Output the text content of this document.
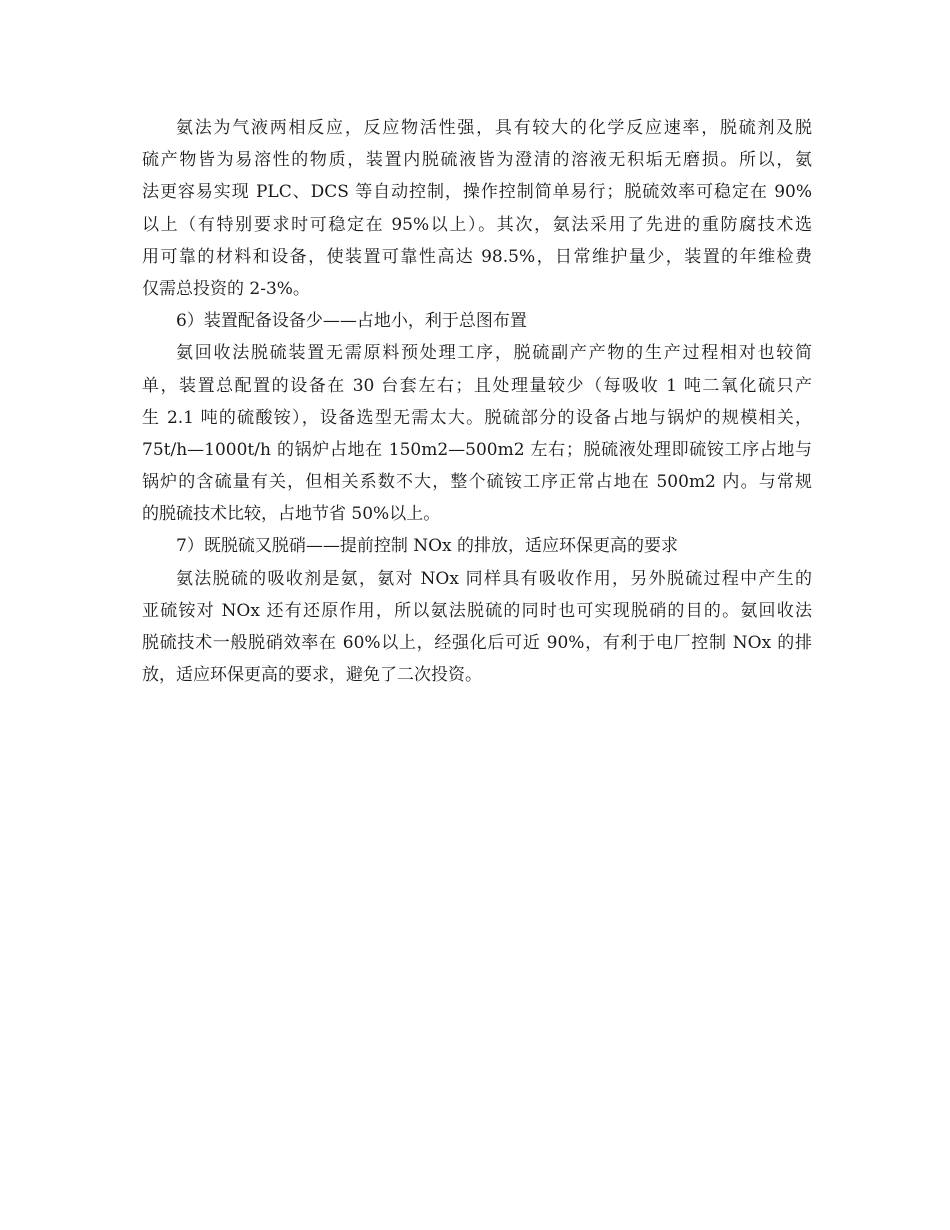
氨法为气液两相反应，反应物活性强，具有较大的化学反应速率，脱硫剂及脱
硫产物皆为易溶性的物质，装置内脱硫液皆为澄清的溶液无积垢无磨损。所以，氨
法更容易实现 PLC、DCS 等自动控制，操作控制简单易行；脱硫效率可稳定在 90%
以上（有特别要求时可稳定在 95%以上）。其次，氨法采用了先进的重防腐技术选
用可靠的材料和设备，使装置可靠性高达 98.5%，日常维护量少，装置的年维检费
仅需总投资的 2-3%。
6）装置配备设备少——占地小，利于总图布置
氨回收法脱硫装置无需原料预处理工序，脱硫副产产物的生产过程相对也较简
单，装置总配置的设备在 30 台套左右；且处理量较少（每吸收 1 吨二氧化硫只产
生 2.1 吨的硫酸铵），设备选型无需太大。脱硫部分的设备占地与锅炉的规模相关，
75t/h—1000t/h 的锅炉占地在 150m2—500m2 左右；脱硫液处理即硫铵工序占地与
锅炉的含硫量有关，但相关系数不大，整个硫铵工序正常占地在 500m2 内。与常规
的脱硫技术比较，占地节省 50%以上。
7）既脱硫又脱硝——提前控制 NOx 的排放，适应环保更高的要求
氨法脱硫的吸收剂是氨，氨对 NOx 同样具有吸收作用，另外脱硫过程中产生的
亚硫铵对 NOx 还有还原作用，所以氨法脱硫的同时也可实现脱硝的目的。氨回收法
脱硫技术一般脱硝效率在 60%以上，经强化后可近 90%，有利于电厂控制 NOx 的排
放，适应环保更高的要求，避免了二次投资。
